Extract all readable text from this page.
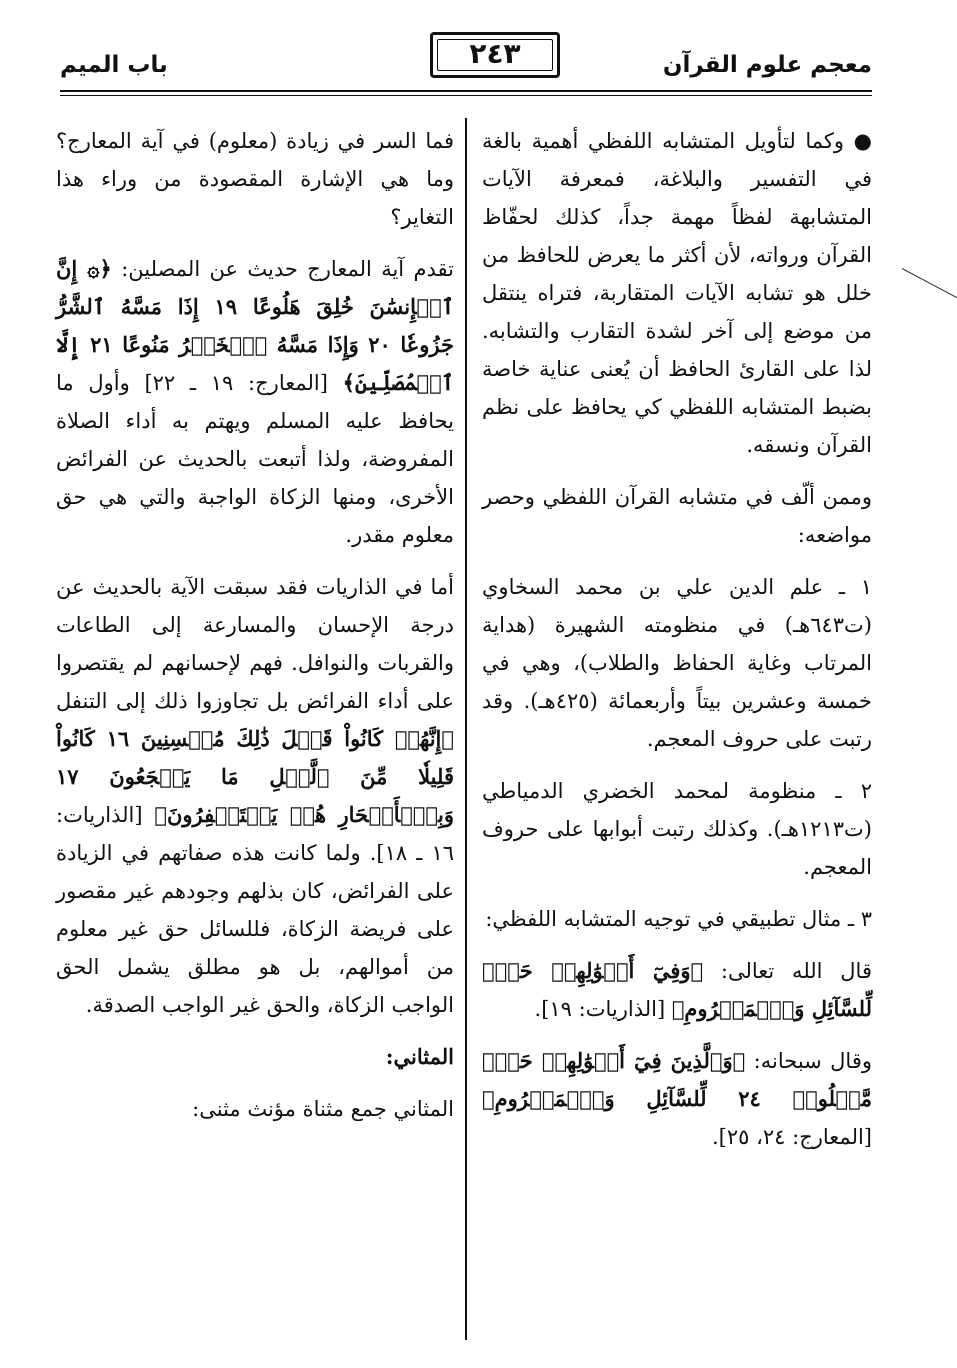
معجم علوم القرآن
٢٤٣
باب الميم

● وكما لتأويل المتشابه اللفظي أهمية بالغة في التفسير والبلاغة، فمعرفة الآيات المتشابهة لفظاً مهمة جداً، كذلك لحفّاظ القرآن ورواته، لأن أكثر ما يعرض للحافظ من خلل هو تشابه الآيات المتقاربة، فتراه ينتقل من موضع إلى آخر لشدة التقارب والتشابه. لذا على القارئ الحافظ أن يُعنى عناية خاصة بضبط المتشابه اللفظي كي يحافظ على نظم القرآن ونسقه.

وممن ألّف في متشابه القرآن اللفظي وحصر مواضعه:

١ ـ علم الدين علي بن محمد السخاوي (ت٦٤٣هـ) في منظومته الشهيرة (هداية المرتاب وغاية الحفاظ والطلاب)، وهي في خمسة وعشرين بيتاً وأربعمائة (٤٢٥هـ). وقد رتبت على حروف المعجم.

٢ ـ منظومة لمحمد الخضري الدمياطي (ت١٢١٣هـ). وكذلك رتبت أبوابها على حروف المعجم.

٣ ـ مثال تطبيقي في توجيه المتشابه اللفظي:

قال الله تعالى: ﴿وَفِيٓ أَمۡوَٰلِهِمۡ حَقّٞ لِّلسَّآئِلِ وَٱلۡمَحۡرُومِ﴾ [الذاريات: ١٩].

وقال سبحانه: ﴿وَٱلَّذِينَ فِيٓ أَمۡوَٰلِهِمۡ حَقّٞ مَّعۡلُومٞ ٢٤ لِّلسَّآئِلِ وَٱلۡمَحۡرُومِ﴾ [المعارج: ٢٤، ٢٥].

فما السر في زيادة (معلوم) في آية المعارج؟ وما هي الإشارة المقصودة من وراء هذا التغاير؟

تقدم آية المعارج حديث عن المصلين: ﴿۞ إِنَّ ٱلۡإِنسَٰنَ خُلِقَ هَلُوعًا ١٩ إِذَا مَسَّهُ ٱلشَّرُّ جَزُوعٗا ٢٠ وَإِذَا مَسَّهُ ٱلۡخَيۡرُ مَنُوعًا ٢١ إِلَّا ٱلۡمُصَلِّينَ﴾ [المعارج: ١٩ ـ ٢٢] وأول ما يحافظ عليه المسلم ويهتم به أداء الصلاة المفروضة، ولذا أتبعت بالحديث عن الفرائض الأخرى، ومنها الزكاة الواجبة والتي هي حق معلوم مقدر.

أما في الذاريات فقد سبقت الآية بالحديث عن درجة الإحسان والمسارعة إلى الطاعات والقربات والنوافل. فهم لإحسانهم لم يقتصروا على أداء الفرائض بل تجاوزوا ذلك إلى التنفل ﴿إِنَّهُمۡ كَانُواْ قَبۡلَ ذَٰلِكَ مُحۡسِنِينَ ١٦ كَانُواْ قَلِيلٗا مِّنَ ٱلَّيۡلِ مَا يَهۡجَعُونَ ١٧ وَبِٱلۡأَسۡحَارِ هُمۡ يَسۡتَغۡفِرُونَ﴾ [الذاريات: ١٦ ـ ١٨]. ولما كانت هذه صفاتهم في الزيادة على الفرائض، كان بذلهم وجودهم غير مقصور على فريضة الزكاة، فللسائل حق غير معلوم من أموالهم، بل هو مطلق يشمل الحق الواجب الزكاة، والحق غير الواجب الصدقة.

المثاني:

المثاني جمع مثناة مؤنث مثنى:
